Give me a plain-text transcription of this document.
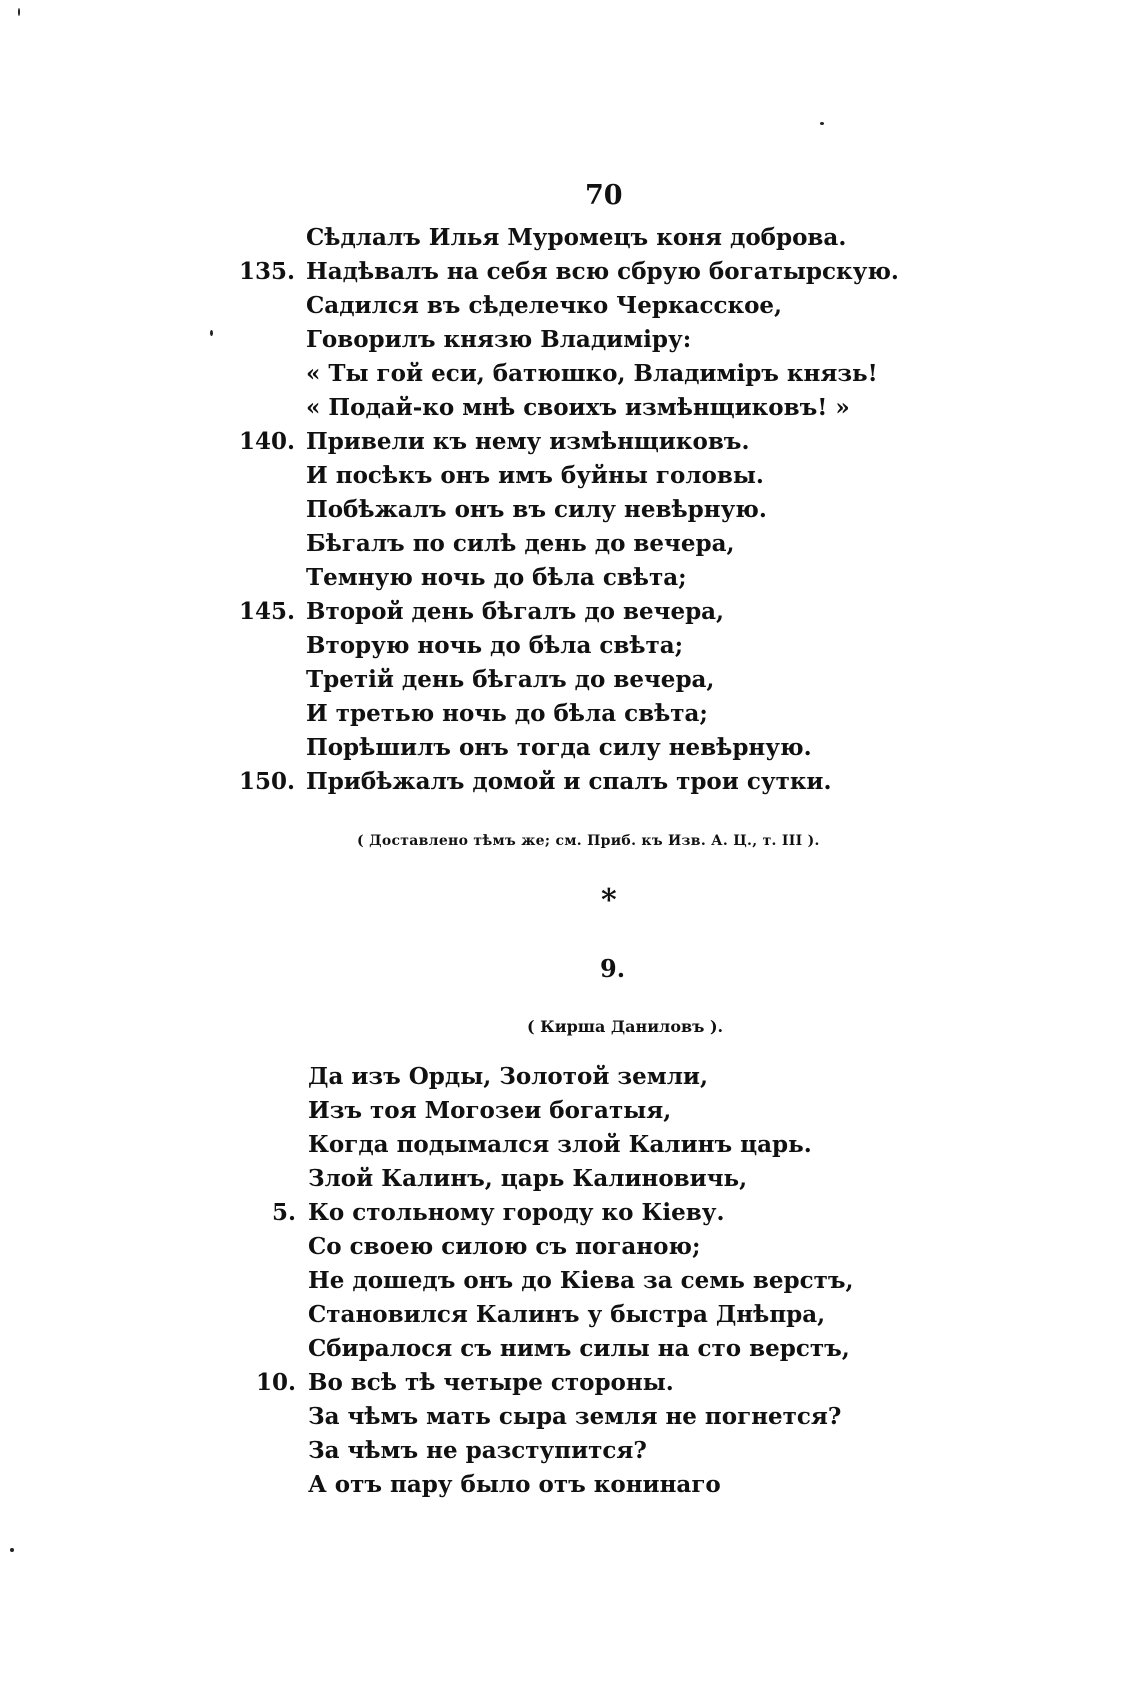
70
Сѣдлалъ Илья Муромецъ коня доброва.
135. Надѣвалъ на себя всю сбрую богатырскую.
Садился въ сѣделечко Черкасское,
Говорилъ князю Владиміру:
« Ты гой еси, батюшко, Владиміръ князь!
« Подай-ко мнѣ своихъ измѣнщиковъ! »
140. Привели къ нему измѣнщиковъ.
И посѣкъ онъ имъ буйны головы.
Побѣжалъ онъ въ силу невѣрную.
Бѣгалъ по силѣ день до вечера,
Темную ночь до бѣла свѣта;
145. Второй день бѣгалъ до вечера,
Вторую ночь до бѣла свѣта;
Третій день бѣгалъ до вечера,
И третью ночь до бѣла свѣта;
Порѣшилъ онъ тогда силу невѣрную.
150. Прибѣжалъ домой и спалъ трои сутки.
( Доставлено тѣмъ же; см. Приб. къ Изв. А. Ц., т. III ).
*
9.
( Кирша Даниловъ ).
Да изъ Орды, Золотой земли,
Изъ тоя Могозеи богатыя,
Когда подымался злой Калинъ царь.
Злой Калинъ, царь Калиновичь,
5. Ко стольному городу ко Кіеву.
Со своею силою съ поганою;
Не дошедъ онъ до Кіева за семь верстъ,
Становился Калинъ у быстра Днѣпра,
Сбиралося съ нимъ силы на сто верстъ,
10. Во всѣ тѣ четыре стороны.
За чѣмъ мать сыра земля не погнется?
За чѣмъ не разступится?
А отъ пару было отъ конинаго
